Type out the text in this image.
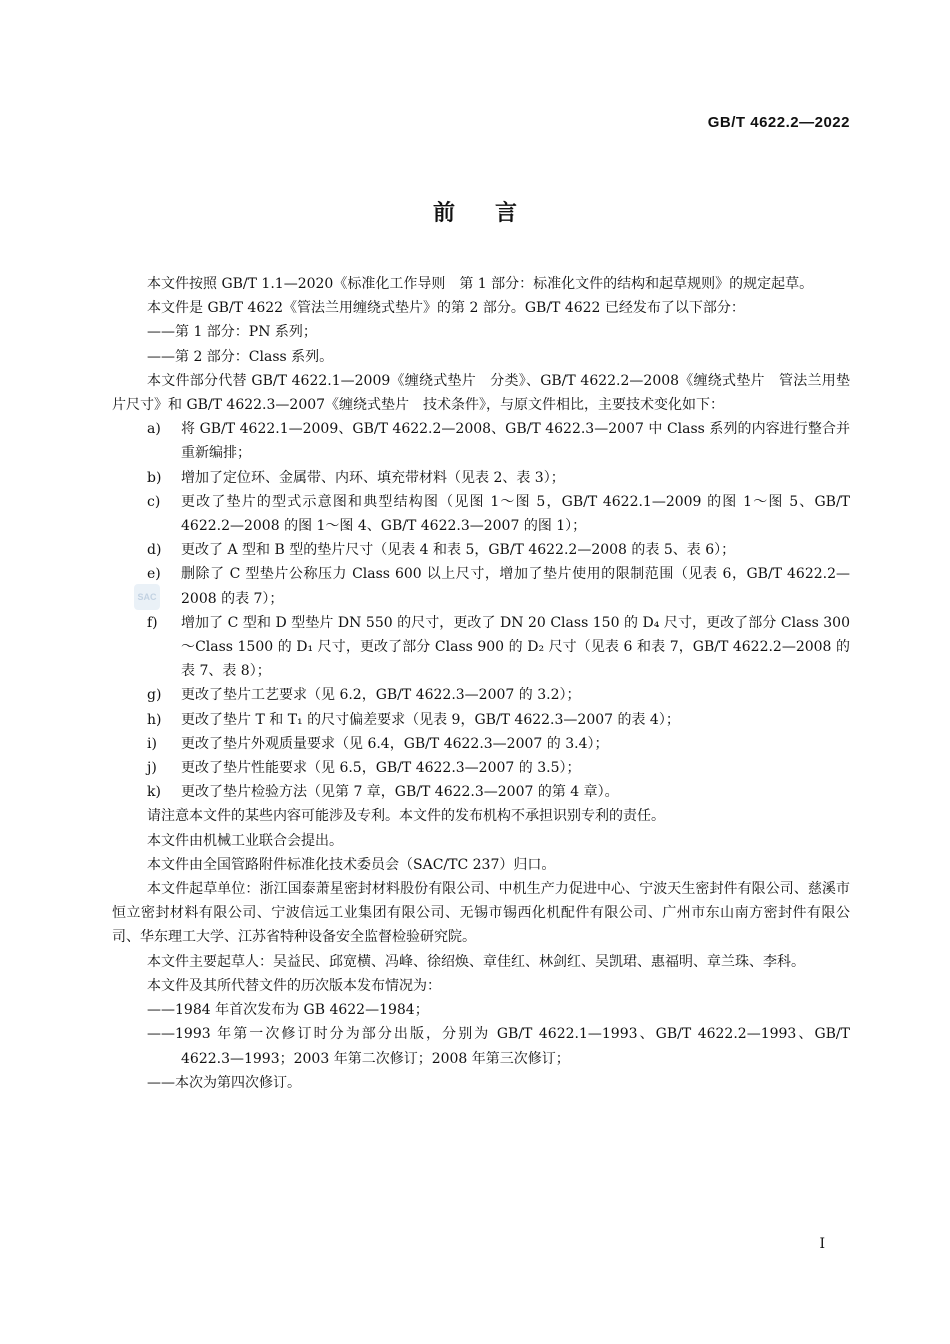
GB/T 4622.2—2022
前言
SAC

本文件按照 GB/T 1.1—2020《标准化工作导则　第 1 部分：标准化文件的结构和起草规则》的规定起草。

本文件是 GB/T 4622《管法兰用缠绕式垫片》的第 2 部分。GB/T 4622 已经发布了以下部分：

——第 1 部分：PN 系列；

——第 2 部分：Class 系列。

本文件部分代替 GB/T 4622.1—2009《缠绕式垫片　分类》、GB/T 4622.2—2008《缠绕式垫片　管法兰用垫片尺寸》和 GB/T 4622.3—2007《缠绕式垫片　技术条件》，与原文件相比，主要技术变化如下：

a) 将 GB/T 4622.1—2009、GB/T 4622.2—2008、GB/T 4622.3—2007 中 Class 系列的内容进行整合并重新编排；

b) 增加了定位环、金属带、内环、填充带材料（见表 2、表 3）；

c) 更改了垫片的型式示意图和典型结构图（见图 1～图 5，GB/T 4622.1—2009 的图 1～图 5、GB/T 4622.2—2008 的图 1～图 4、GB/T 4622.3—2007 的图 1）；

d) 更改了 A 型和 B 型的垫片尺寸（见表 4 和表 5，GB/T 4622.2—2008 的表 5、表 6）；

e) 删除了 C 型垫片公称压力 Class 600 以上尺寸，增加了垫片使用的限制范围（见表 6，GB/T 4622.2—2008 的表 7）；

f) 增加了 C 型和 D 型垫片 DN 550 的尺寸，更改了 DN 20 Class 150 的 D₄ 尺寸，更改了部分 Class 300～Class 1500 的 D₁ 尺寸，更改了部分 Class 900 的 D₂ 尺寸（见表 6 和表 7，GB/T 4622.2—2008 的表 7、表 8）；

g) 更改了垫片工艺要求（见 6.2，GB/T 4622.3—2007 的 3.2）；

h) 更改了垫片 T 和 T₁ 的尺寸偏差要求（见表 9，GB/T 4622.3—2007 的表 4）；

i) 更改了垫片外观质量要求（见 6.4，GB/T 4622.3—2007 的 3.4）；

j) 更改了垫片性能要求（见 6.5，GB/T 4622.3—2007 的 3.5）；

k) 更改了垫片检验方法（见第 7 章，GB/T 4622.3—2007 的第 4 章）。

请注意本文件的某些内容可能涉及专利。本文件的发布机构不承担识别专利的责任。

本文件由机械工业联合会提出。

本文件由全国管路附件标准化技术委员会（SAC/TC 237）归口。

本文件起草单位：浙江国泰萧星密封材料股份有限公司、中机生产力促进中心、宁波天生密封件有限公司、慈溪市恒立密封材料有限公司、宁波信远工业集团有限公司、无锡市锡西化机配件有限公司、广州市东山南方密封件有限公司、华东理工大学、江苏省特种设备安全监督检验研究院。

本文件主要起草人：吴益民、邱宽横、冯峰、徐绍焕、章佳红、林剑红、吴凯珺、惠福明、章兰珠、李科。

本文件及其所代替文件的历次版本发布情况为：

——1984 年首次发布为 GB 4622—1984；

——1993 年第一次修订时分为部分出版，分别为 GB/T 4622.1—1993、GB/T 4622.2—1993、GB/T 4622.3—1993；2003 年第二次修订；2008 年第三次修订；

——本次为第四次修订。

I
